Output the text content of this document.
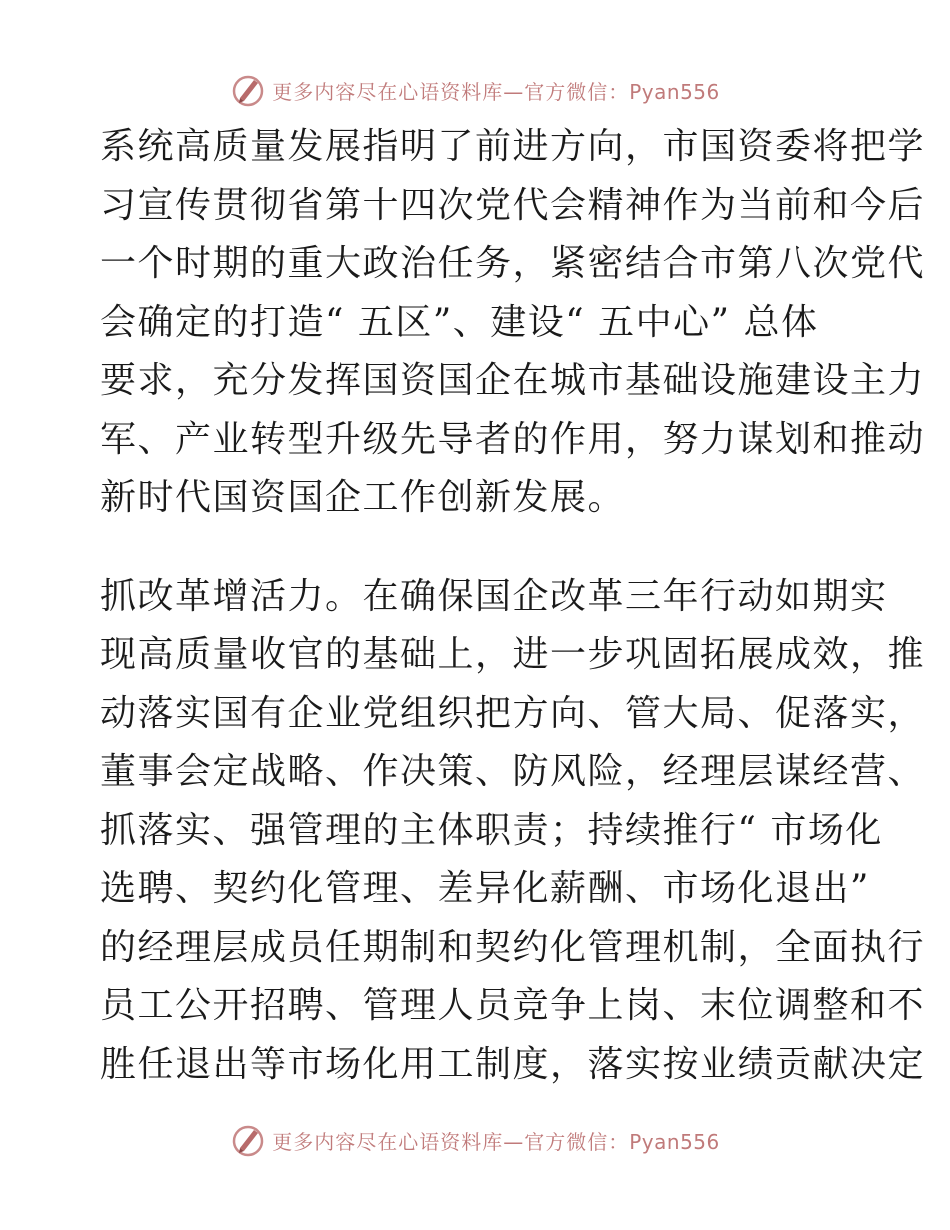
更多内容尽在心语资料库—官方微信：Pyan556
系统高质量发展指明了前进方向，市国资委将把学
习宣传贯彻省第十四次党代会精神作为当前和今后
一个时期的重大政治任务，紧密结合市第八次党代
会确定的打造“ 五区”、建设“ 五中心” 总体
要求，充分发挥国资国企在城市基础设施建设主力
军、产业转型升级先导者的作用，努力谋划和推动
新时代国资国企工作创新发展。
抓改革增活力。在确保国企改革三年行动如期实
现高质量收官的基础上，进一步巩固拓展成效，推
动落实国有企业党组织把方向、管大局、促落实，
董事会定战略、作决策、防风险，经理层谋经营、
抓落实、强管理的主体职责；持续推行“ 市场化
选聘、契约化管理、差异化薪酬、市场化退出”
的经理层成员任期制和契约化管理机制，全面执行
员工公开招聘、管理人员竞争上岗、末位调整和不
胜任退出等市场化用工制度，落实按业绩贡献决定
更多内容尽在心语资料库—官方微信：Pyan556
